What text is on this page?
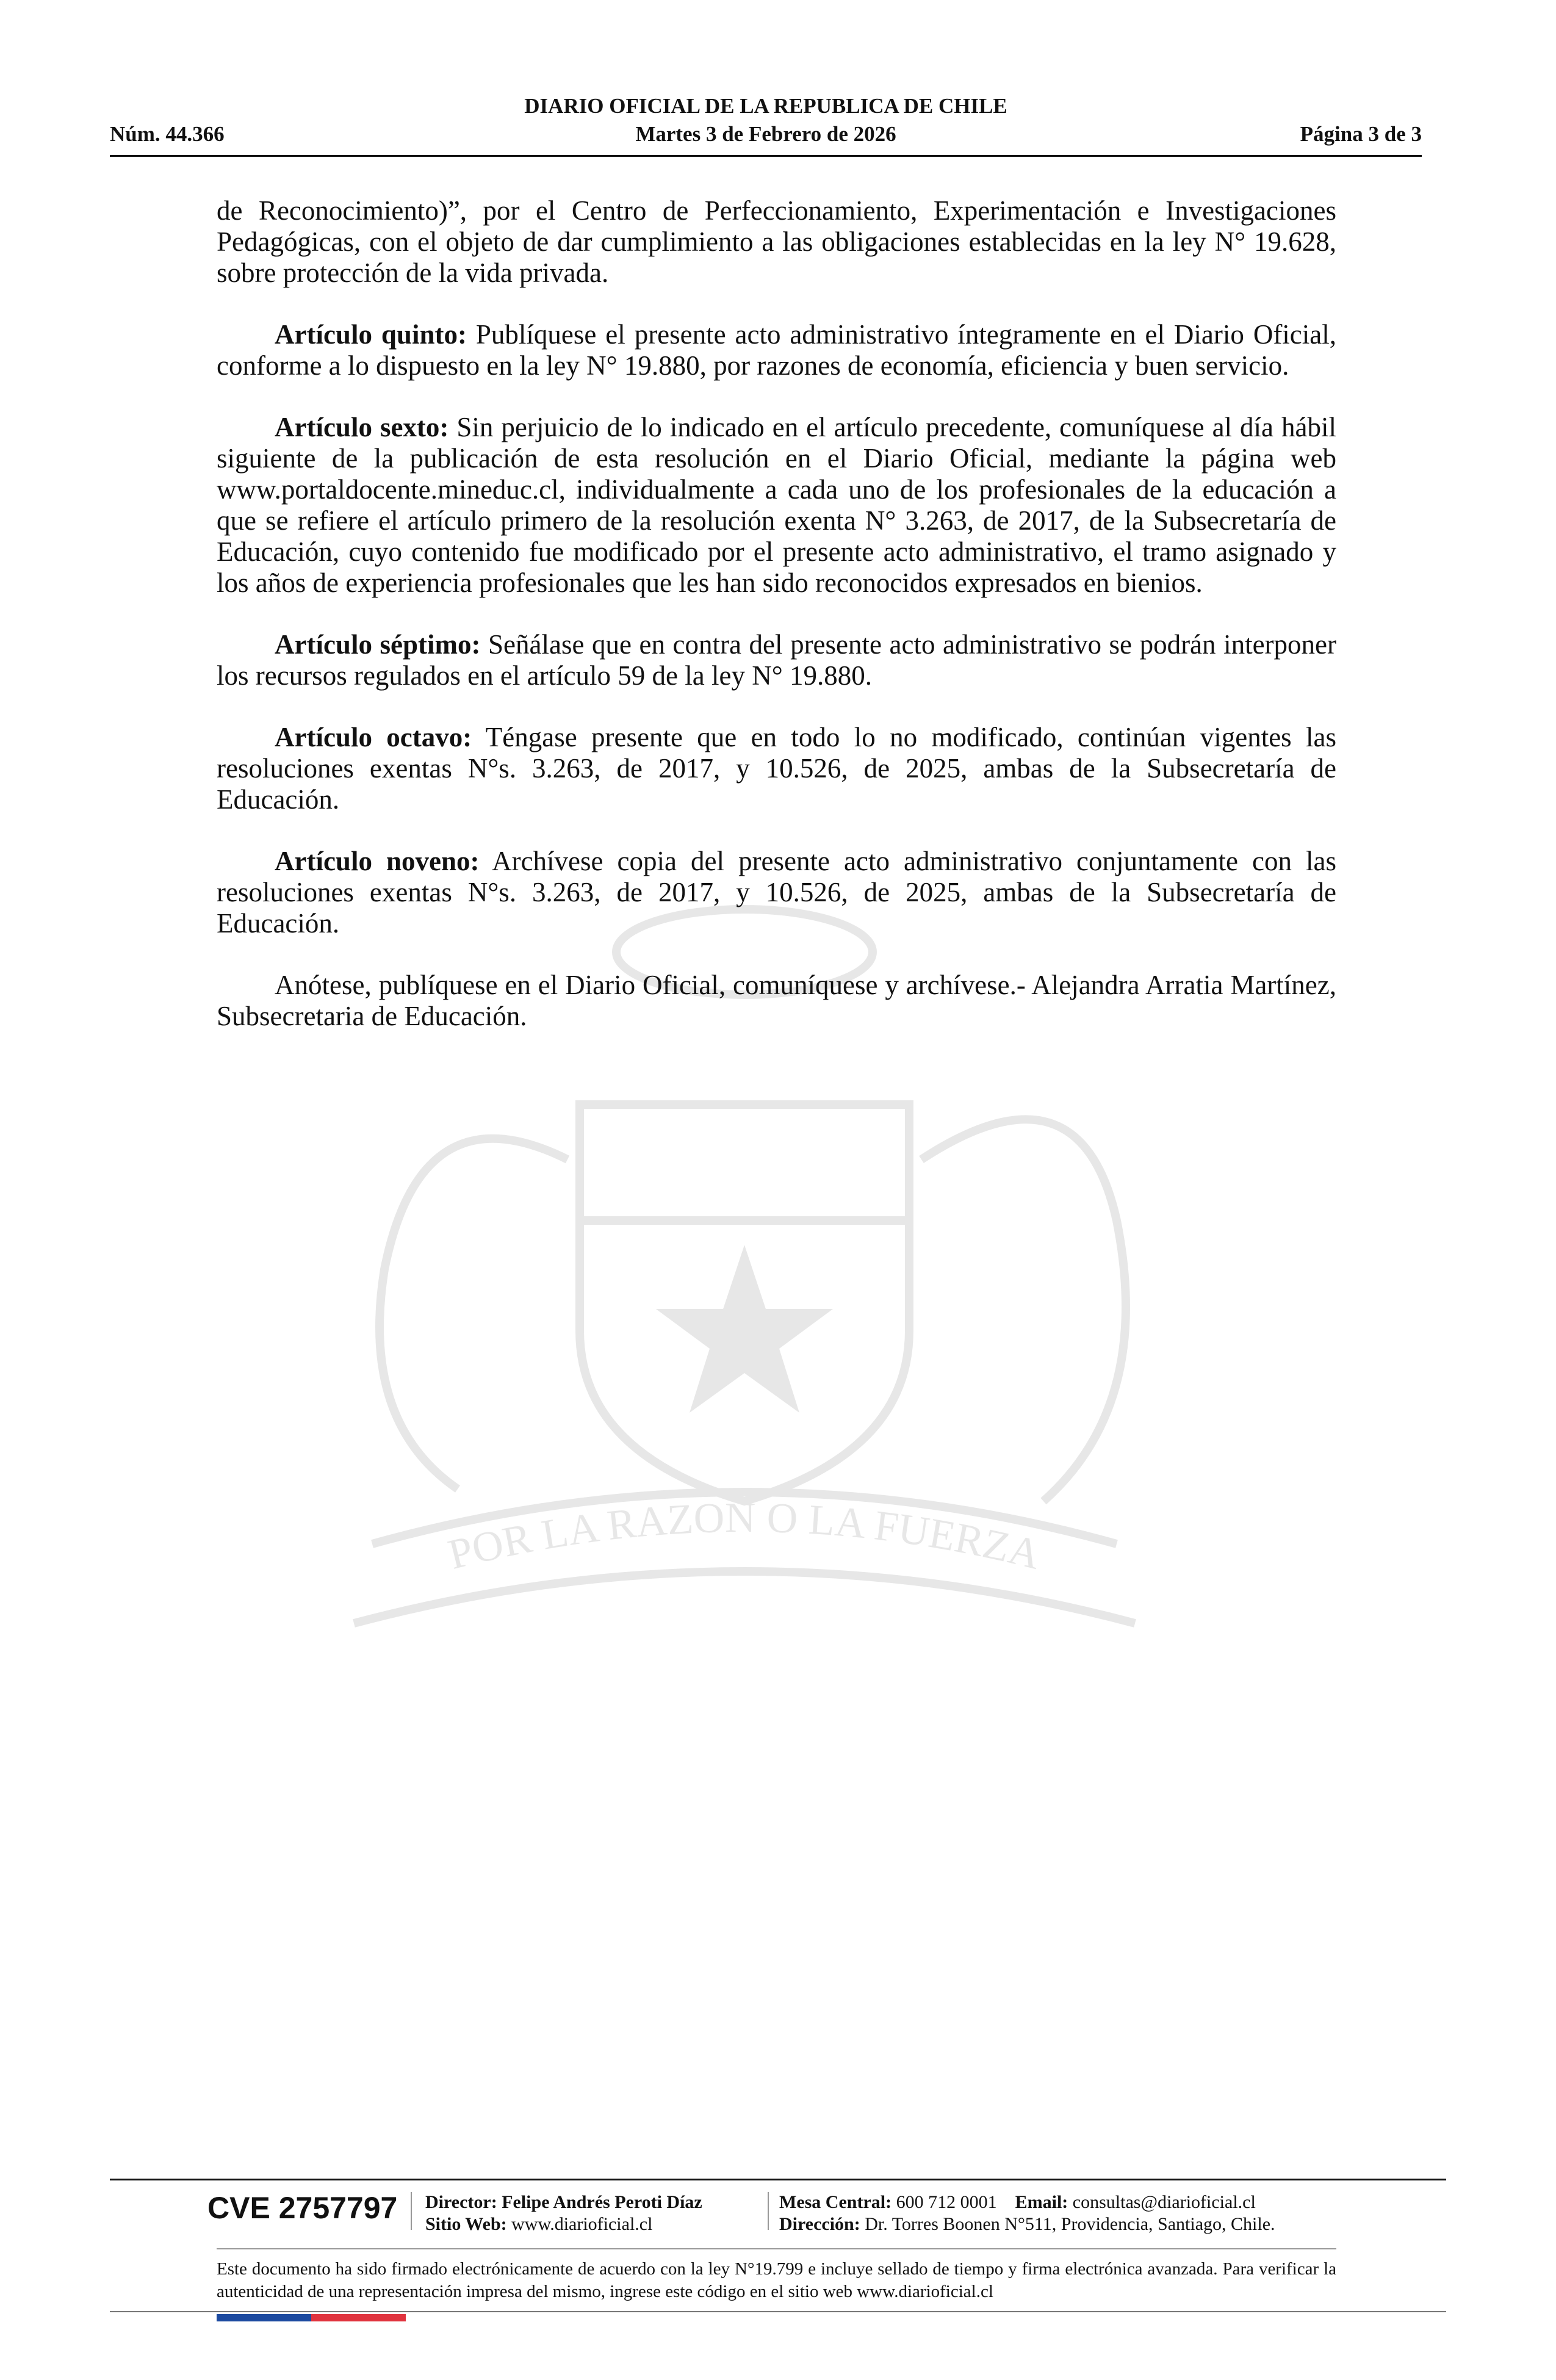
DIARIO OFICIAL DE LA REPUBLICA DE CHILE
Núm. 44.366	Martes 3 de Febrero de 2026	Página 3 de 3
POR LA RAZON O LA FUERZA

de Reconocimiento)”, por el Centro de Perfeccionamiento, Experimentación e Investigaciones Pedagógicas, con el objeto de dar cumplimiento a las obligaciones establecidas en la ley N° 19.628, sobre protección de la vida privada.

Artículo quinto: Publíquese el presente acto administrativo íntegramente en el Diario Oficial, conforme a lo dispuesto en la ley N° 19.880, por razones de economía, eficiencia y buen servicio.

Artículo sexto: Sin perjuicio de lo indicado en el artículo precedente, comuníquese al día hábil siguiente de la publicación de esta resolución en el Diario Oficial, mediante la página web www.portaldocente.mineduc.cl, individualmente a cada uno de los profesionales de la educación a que se refiere el artículo primero de la resolución exenta N° 3.263, de 2017, de la Subsecretaría de Educación, cuyo contenido fue modificado por el presente acto administrativo, el tramo asignado y los años de experiencia profesionales que les han sido reconocidos expresados en bienios.

Artículo séptimo: Señálase que en contra del presente acto administrativo se podrán interponer los recursos regulados en el artículo 59 de la ley N° 19.880.

Artículo octavo: Téngase presente que en todo lo no modificado, continúan vigentes las resoluciones exentas N°s. 3.263, de 2017, y 10.526, de 2025, ambas de la Subsecretaría de Educación.

Artículo noveno: Archívese copia del presente acto administrativo conjuntamente con las resoluciones exentas N°s. 3.263, de 2017, y 10.526, de 2025, ambas de la Subsecretaría de Educación.

Anótese, publíquese en el Diario Oficial, comuníquese y archívese.- Alejandra Arratia Martínez, Subsecretaria de Educación.

CVE 2757797 Director: Felipe Andrés Peroti Díaz
Sitio Web: www.diarioficial.cl
Mesa Central: 600 712 0001 Email: consultas@diarioficial.cl
Dirección: Dr. Torres Boonen N°511, Providencia, Santiago, Chile.
Este documento ha sido firmado electrónicamente de acuerdo con la ley N°19.799 e incluye sellado de tiempo y firma electrónica avanzada. Para verificar la autenticidad de una representación impresa del mismo, ingrese este código en el sitio web www.diarioficial.cl
